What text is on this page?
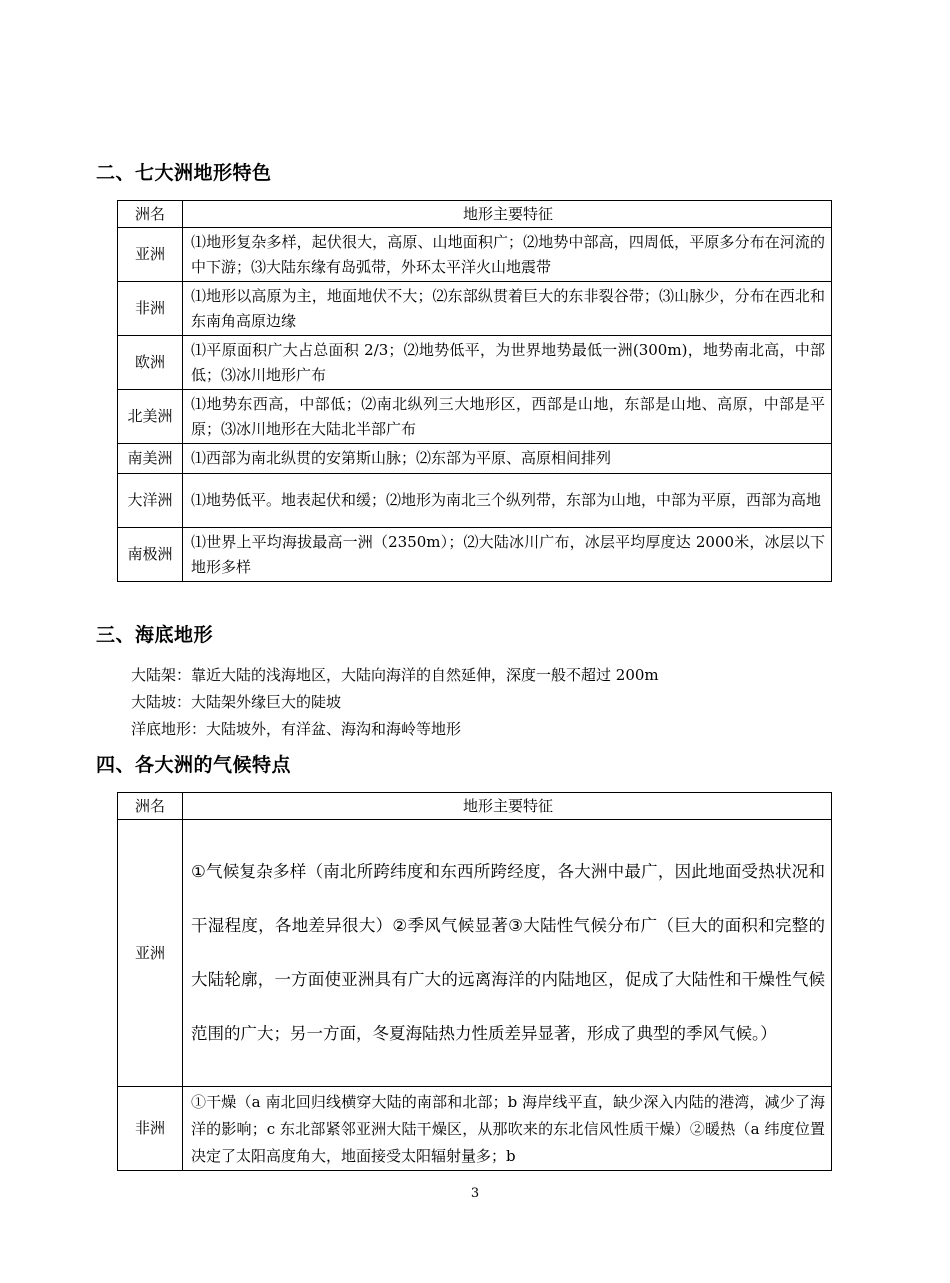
二、七大洲地形特色
洲名	地形主要特征
亚洲	⑴地形复杂多样，起伏很大，高原、山地面积广；⑵地势中部高，四周低，平原多分布在河流的中下游；⑶大陆东缘有岛弧带，外环太平洋火山地震带
非洲	⑴地形以高原为主，地面地伏不大；⑵东部纵贯着巨大的东非裂谷带；⑶山脉少，分布在西北和东南角高原边缘
欧洲	⑴平原面积广大占总面积 2/3；⑵地势低平，为世界地势最低一洲(300m)，地势南北高，中部低；⑶冰川地形广布
北美洲	⑴地势东西高，中部低；⑵南北纵列三大地形区，西部是山地，东部是山地、高原，中部是平原；⑶冰川地形在大陆北半部广布
南美洲	⑴西部为南北纵贯的安第斯山脉；⑵东部为平原、高原相间排列
大洋洲	⑴地势低平。地表起伏和缓；⑵地形为南北三个纵列带，东部为山地，中部为平原，西部为高地
南极洲	⑴世界上平均海拔最高一洲（2350m）；⑵大陆冰川广布，冰层平均厚度达 2000米，冰层以下地形多样
三、海底地形
大陆架：靠近大陆的浅海地区，大陆向海洋的自然延伸，深度一般不超过 200m
大陆坡：大陆架外缘巨大的陡坡
洋底地形：大陆坡外，有洋盆、海沟和海岭等地形
四、各大洲的气候特点
洲名	地形主要特征
亚洲	①气候复杂多样（南北所跨纬度和东西所跨经度，各大洲中最广，因此地面受热状况和干湿程度，各地差异很大）②季风气候显著③大陆性气候分布广（巨大的面积和完整的大陆轮廓，一方面使亚洲具有广大的远离海洋的内陆地区，促成了大陆性和干燥性气候范围的广大；另一方面，冬夏海陆热力性质差异显著，形成了典型的季风气候。）
非洲	①干燥（a 南北回归线横穿大陆的南部和北部；b 海岸线平直，缺少深入内陆的港湾，减少了海洋的影响；c 东北部紧邻亚洲大陆干燥区，从那吹来的东北信风性质干燥）②暖热（a 纬度位置决定了太阳高度角大，地面接受太阳辐射量多；b
3
